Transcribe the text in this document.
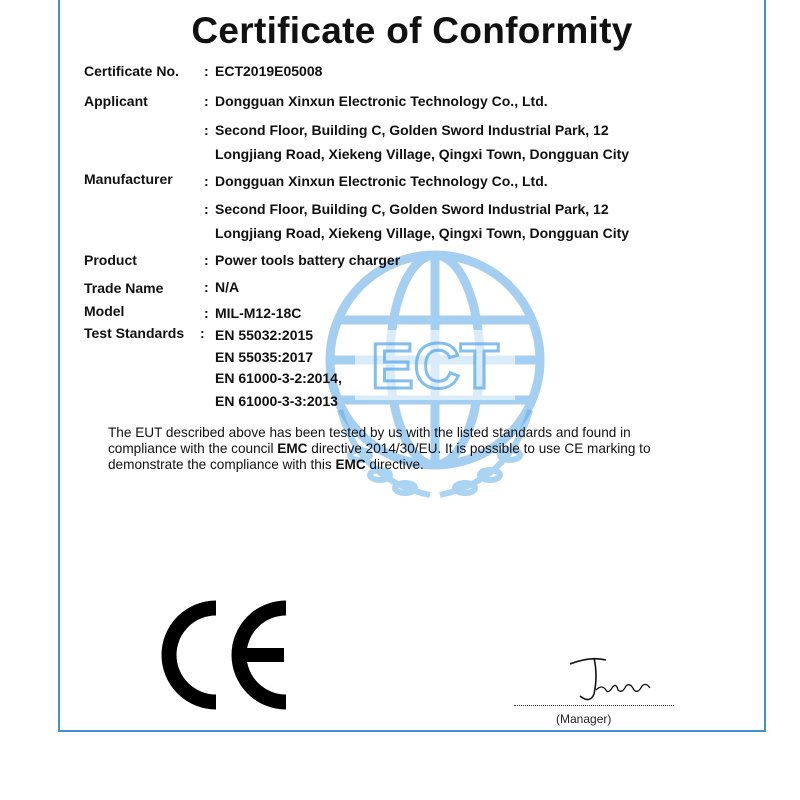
ECT
Certificate of Conformity
Certificate No. : ECT2019E05008
Applicant	: Dongguan Xinxun Electronic Technology Co., Ltd.
: Second Floor, Building C, Golden Sword Industrial Park, 12
Longjiang Road, Xiekeng Village, Qingxi Town, Dongguan City
Manufacturer : Dongguan Xinxun Electronic Technology Co., Ltd.
: Second Floor, Building C, Golden Sword Industrial Park, 12
Longjiang Road, Xiekeng Village, Qingxi Town, Dongguan City
Product	: Power tools battery charger
Trade Name	: N/A
Model	: MIL-M12-18C
Test Standards : EN 55032:2015
EN 55035:2017
EN 61000-3-2:2014,
EN 61000-3-3:2013
The EUT described above has been tested by us with the listed standards and found in
compliance with the council EMC directive 2014/30/EU. It is possible to use CE marking to
demonstrate the compliance with this EMC directive.
(Manager)
